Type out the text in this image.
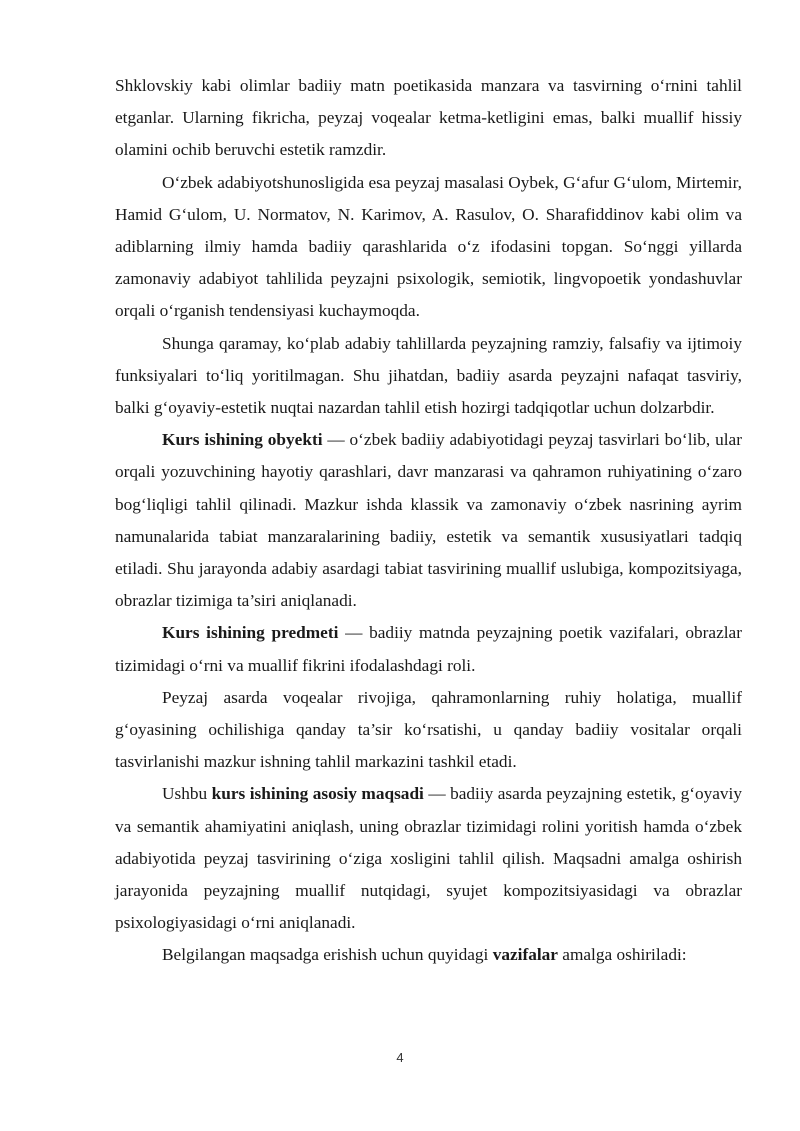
Shklovskiy kabi olimlar badiiy matn poetikasida manzara va tasvirning o‘rnini tahlil etganlar. Ularning fikricha, peyzaj voqealar ketma-ketligini emas, balki muallif hissiy olamini ochib beruvchi estetik ramzdir.

O‘zbek adabiyotshunosligida esa peyzaj masalasi Oybek, G‘afur G‘ulom, Mirtemir, Hamid G‘ulom, U. Normatov, N. Karimov, A. Rasulov, O. Sharafiddinov kabi olim va adiblarning ilmiy hamda badiiy qarashlarida o‘z ifodasini topgan. So‘nggi yillarda zamonaviy adabiyot tahlilida peyzajni psixologik, semiotik, lingvopoetik yondashuvlar orqali o‘rganish tendensiyasi kuchaymoqda.

Shunga qaramay, ko‘plab adabiy tahlillarda peyzajning ramziy, falsafiy va ijtimoiy funksiyalari to‘liq yoritilmagan. Shu jihatdan, badiiy asarda peyzajni nafaqat tasviriy, balki g‘oyaviy-estetik nuqtai nazardan tahlil etish hozirgi tadqiqotlar uchun dolzarbdir.

Kurs ishining obyekti — o‘zbek badiiy adabiyotidagi peyzaj tasvirlari bo‘lib, ular orqali yozuvchining hayotiy qarashlari, davr manzarasi va qahramon ruhiyatining o‘zaro bog‘liqligi tahlil qilinadi. Mazkur ishda klassik va zamonaviy o‘zbek nasrining ayrim namunalarida tabiat manzaralarining badiiy, estetik va semantik xususiyatlari tadqiq etiladi. Shu jarayonda adabiy asardagi tabiat tasvirining muallif uslubiga, kompozitsiyaga, obrazlar tizimiga ta’siri aniqlanadi.

Kurs ishining predmeti — badiiy matnda peyzajning poetik vazifalari, obrazlar tizimidagi o‘rni va muallif fikrini ifodalashdagi roli.

Peyzaj asarda voqealar rivojiga, qahramonlarning ruhiy holatiga, muallif g‘oyasining ochilishiga qanday ta’sir ko‘rsatishi, u qanday badiiy vositalar orqali tasvirlanishi mazkur ishning tahlil markazini tashkil etadi.

Ushbu kurs ishining asosiy maqsadi — badiiy asarda peyzajning estetik, g‘oyaviy va semantik ahamiyatini aniqlash, uning obrazlar tizimidagi rolini yoritish hamda o‘zbek adabiyotida peyzaj tasvirining o‘ziga xosligini tahlil qilish. Maqsadni amalga oshirish jarayonida peyzajning muallif nutqidagi, syujet kompozitsiyasidagi va obrazlar psixologiyasidagi o‘rni aniqlanadi.

Belgilangan maqsadga erishish uchun quyidagi vazifalar amalga oshiriladi:

4
